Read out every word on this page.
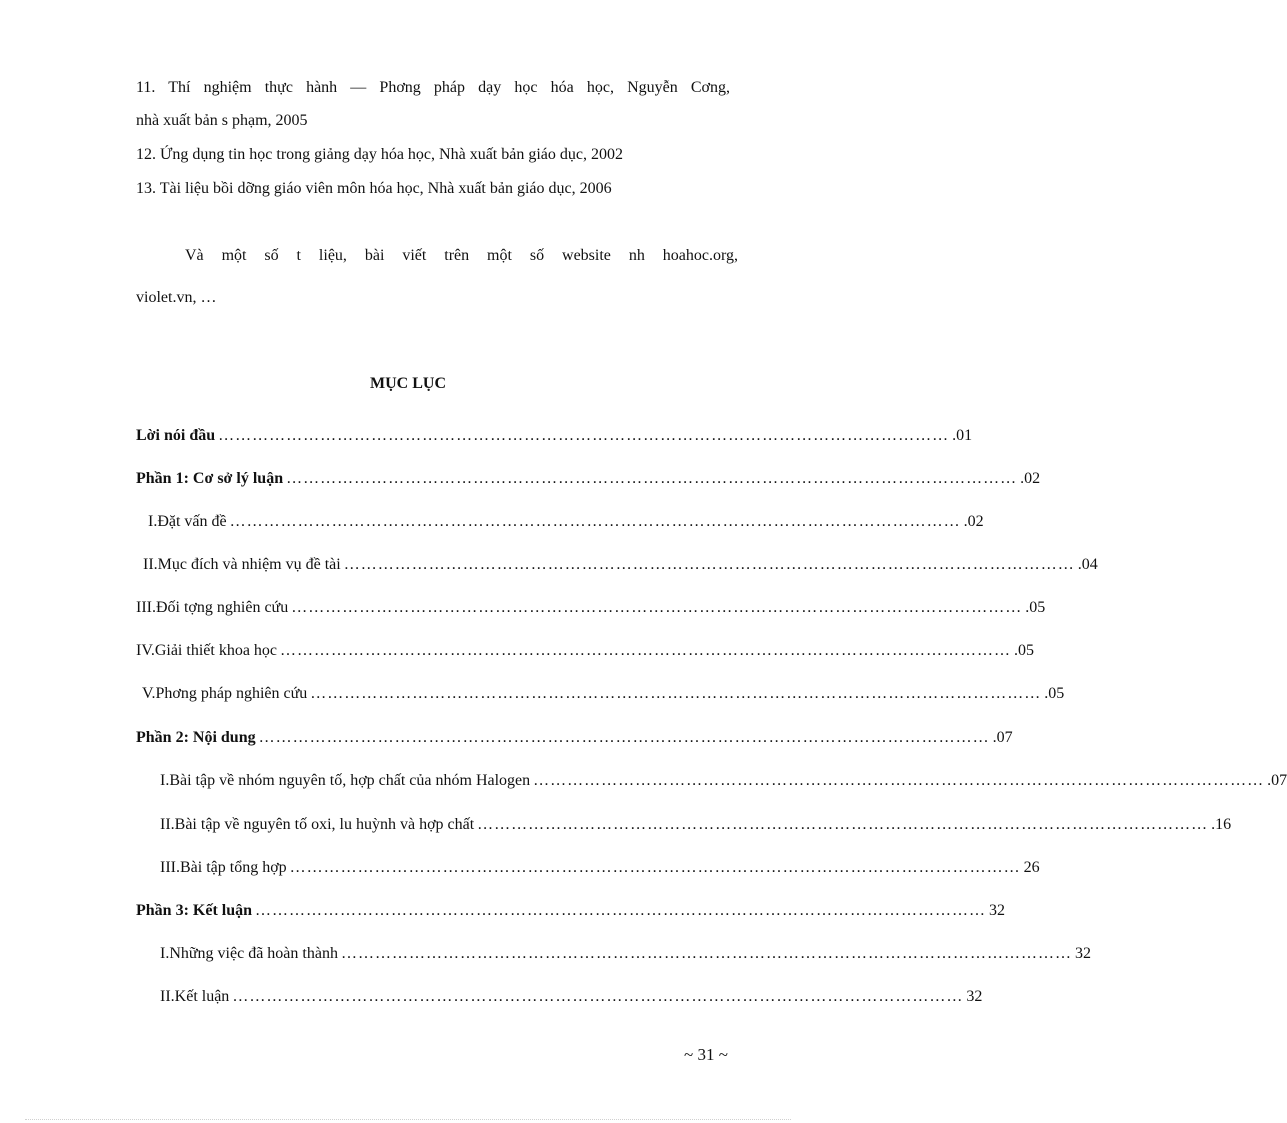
11. Thí nghiệm thực hành — Phơng pháp dạy học hóa học, Nguyễn Cơng,
nhà xuất bản s phạm, 2005
12. Ứng dụng tin học trong giảng dạy hóa học, Nhà xuất bản giáo dục, 2002
13. Tài liệu bồi dỡng giáo viên môn hóa học, Nhà xuất bản giáo dục, 2006
Và một số t liệu, bài viết trên một số website nh hoahoc.org,
violet.vn, …
MỤC LỤC
Lời nói đầu ………………………………………………………………………………………………………………… .01
Phần 1: Cơ sở lý luận ………………………………………………………………………………………………………………… .02
I. Đặt vấn đề ………………………………………………………………………………………………………………… .02
II. Mục đích và nhiệm vụ đề tài ………………………………………………………………………………………………………………… .04
III. Đối tợng nghiên cứu ………………………………………………………………………………………………………………… .05
IV. Giải thiết khoa học ………………………………………………………………………………………………………………… .05
V. Phơng pháp nghiên cứu ………………………………………………………………………………………………………………… .05
Phần 2: Nội dung ………………………………………………………………………………………………………………… .07
I. Bài tập về nhóm nguyên tố, hợp chất của nhóm Halogen ………………………………………………………………………………………………………………… .07
II. Bài tập về nguyên tố oxi, lu huỳnh và hợp chất ………………………………………………………………………………………………………………… .16
III. Bài tập tổng hợp ………………………………………………………………………………………………………………… 26
Phần 3: Kết luận ………………………………………………………………………………………………………………… 32
I. Những việc đã hoàn thành ………………………………………………………………………………………………………………… 32
II. Kết luận ………………………………………………………………………………………………………………… 32
~ 31 ~
